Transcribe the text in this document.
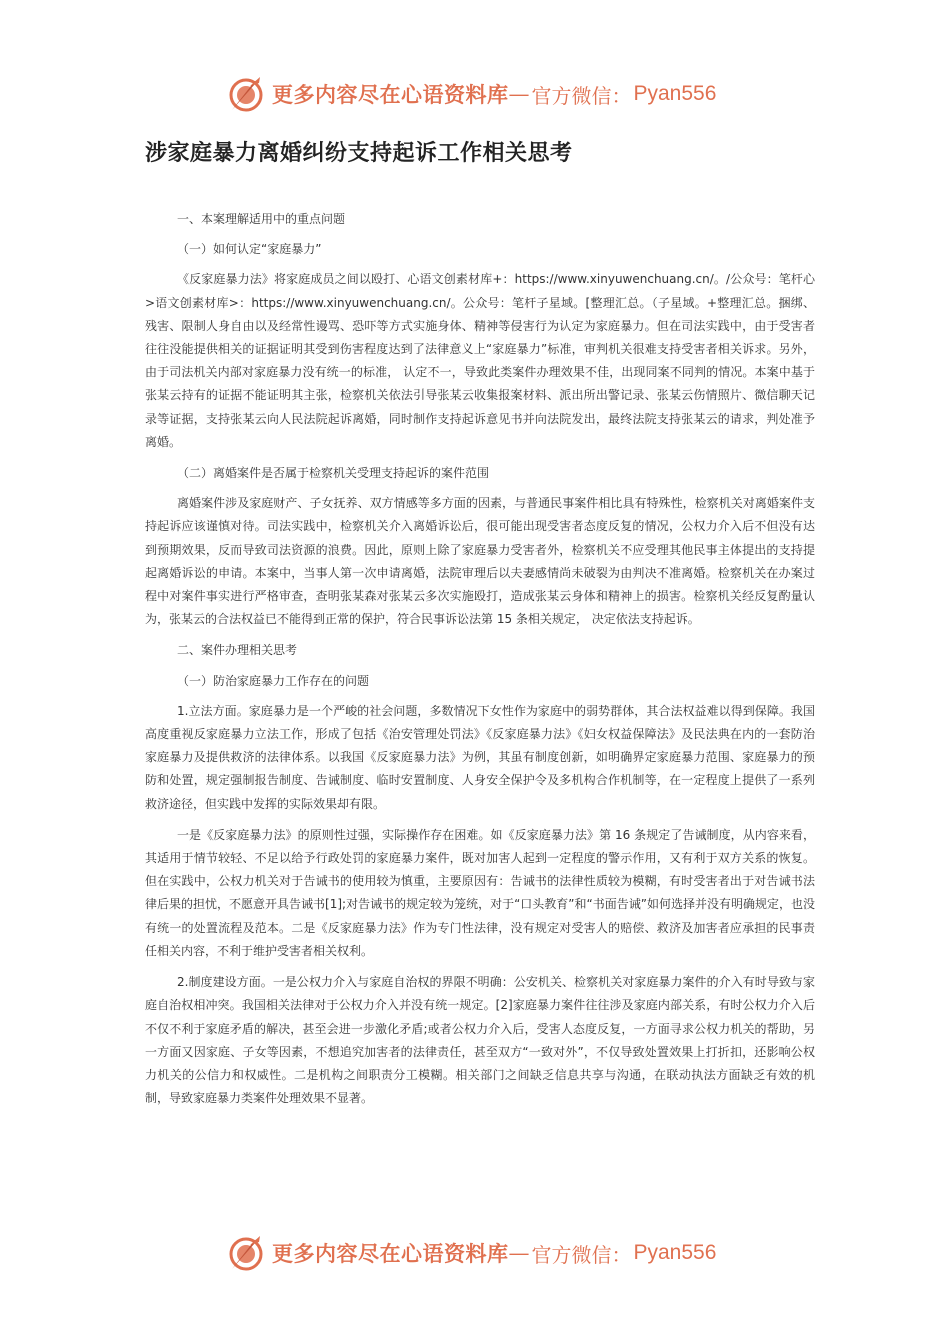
更多内容尽在心语资料库 — 官方微信： Pyan556
涉家庭暴力离婚纠纷支持起诉工作相关思考

一、本案理解适用中的重点问题

（一）如何认定“家庭暴力”

《反家庭暴力法》将家庭成员之间以殴打、心语文创素材库+：https://www.xinyuwenchuang.cn/。/公众号：笔杆心>语文创素材库>：https://www.xinyuwenchuang.cn/。公众号：笔杆子星域。[整理汇总。（子星域。+整理汇总。捆绑、残害、限制人身自由以及经常性谩骂、恐吓等方式实施身体、精神等侵害行为认定为家庭暴力。但在司法实践中，由于受害者往往没能提供相关的证据证明其受到伤害程度达到了法律意义上“家庭暴力”标准，审判机关很难支持受害者相关诉求。另外，由于司法机关内部对家庭暴力没有统一的标准， 认定不一，导致此类案件办理效果不佳，出现同案不同判的情况。本案中基于张某云持有的证据不能证明其主张，检察机关依法引导张某云收集报案材料、派出所出警记录、张某云伤情照片、微信聊天记录等证据，支持张某云向人民法院起诉离婚，同时制作支持起诉意见书并向法院发出，最终法院支持张某云的请求，判处准予离婚。

（二）离婚案件是否属于检察机关受理支持起诉的案件范围

离婚案件涉及家庭财产、子女抚养、双方情感等多方面的因素，与普通民事案件相比具有特殊性，检察机关对离婚案件支持起诉应该谨慎对待。司法实践中，检察机关介入离婚诉讼后，很可能出现受害者态度反复的情况，公权力介入后不但没有达到预期效果，反而导致司法资源的浪费。因此，原则上除了家庭暴力受害者外，检察机关不应受理其他民事主体提出的支持提起离婚诉讼的申请。本案中，当事人第一次申请离婚，法院审理后以夫妻感情尚未破裂为由判决不准离婚。检察机关在办案过程中对案件事实进行严格审查，查明张某森对张某云多次实施殴打，造成张某云身体和精神上的损害。检察机关经反复酌量认为，张某云的合法权益已不能得到正常的保护，符合民事诉讼法第 15 条相关规定， 决定依法支持起诉。

二、案件办理相关思考

（一）防治家庭暴力工作存在的问题

1.立法方面。家庭暴力是一个严峻的社会问题，多数情况下女性作为家庭中的弱势群体，其合法权益难以得到保障。我国高度重视反家庭暴力立法工作，形成了包括《治安管理处罚法》《反家庭暴力法》《妇女权益保障法》及民法典在内的一套防治家庭暴力及提供救济的法律体系。以我国《反家庭暴力法》为例，其虽有制度创新，如明确界定家庭暴力范围、家庭暴力的预防和处置，规定强制报告制度、告诫制度、临时安置制度、人身安全保护令及多机构合作机制等，在一定程度上提供了一系列救济途径，但实践中发挥的实际效果却有限。

一是《反家庭暴力法》的原则性过强，实际操作存在困难。如《反家庭暴力法》第 16 条规定了告诫制度，从内容来看，其适用于情节较轻、不足以给予行政处罚的家庭暴力案件，既对加害人起到一定程度的警示作用，又有利于双方关系的恢复。但在实践中，公权力机关对于告诫书的使用较为慎重，主要原因有：告诫书的法律性质较为模糊，有时受害者出于对告诫书法律后果的担忧，不愿意开具告诫书[1];对告诫书的规定较为笼统，对于“口头教育”和“书面告诫”如何选择并没有明确规定，也没有统一的处置流程及范本。二是《反家庭暴力法》作为专门性法律，没有规定对受害人的赔偿、救济及加害者应承担的民事责任相关内容，不利于维护受害者相关权利。

2.制度建设方面。一是公权力介入与家庭自治权的界限不明确：公安机关、检察机关对家庭暴力案件的介入有时导致与家庭自治权相冲突。我国相关法律对于公权力介入并没有统一规定。[2]家庭暴力案件往往涉及家庭内部关系，有时公权力介入后不仅不利于家庭矛盾的解决，甚至会进一步激化矛盾;或者公权力介入后，受害人态度反复，一方面寻求公权力机关的帮助，另一方面又因家庭、子女等因素，不想追究加害者的法律责任，甚至双方“一致对外”，不仅导致处置效果上打折扣，还影响公权力机关的公信力和权威性。二是机构之间职责分工模糊。相关部门之间缺乏信息共享与沟通，在联动执法方面缺乏有效的机制，导致家庭暴力类案件处理效果不显著。

更多内容尽在心语资料库 — 官方微信： Pyan556
